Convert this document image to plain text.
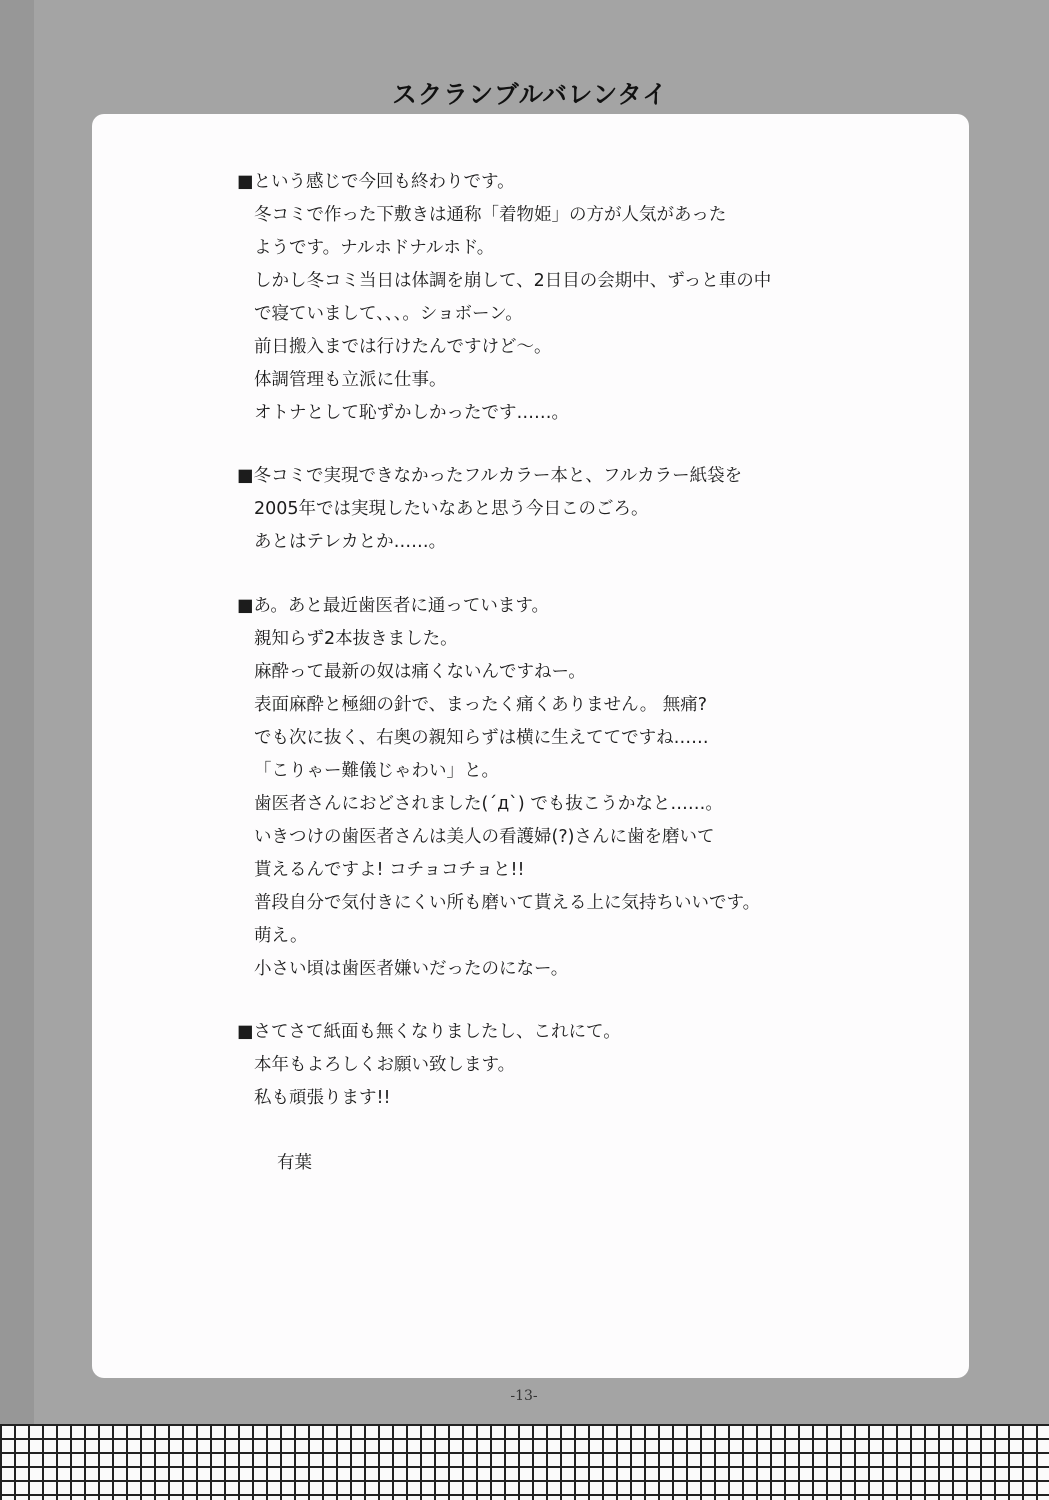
スクランブルバレンタイ
■という感じで今回も終わりです。
冬コミで作った下敷きは通称「着物姫」の方が人気があった
ようです。ナルホドナルホド。
しかし冬コミ当日は体調を崩して、2日目の会期中、ずっと車の中
で寝ていまして、、、。ショボーン。
前日搬入までは行けたんですけど～。
体調管理も立派に仕事。
オトナとして恥ずかしかったです……。
■冬コミで実現できなかったフルカラー本と、フルカラー紙袋を
2005年では実現したいなあと思う今日このごろ。
あとはテレカとか……。
■あ。あと最近歯医者に通っています。
親知らず2本抜きました。
麻酔って最新の奴は痛くないんですねー。
表面麻酔と極細の針で、まったく痛くありません。 無痛?
でも次に抜く、右奥の親知らずは横に生えててですね……
「こりゃー難儀じゃわい」と。
歯医者さんにおどされました(´д`) でも抜こうかなと……。
いきつけの歯医者さんは美人の看護婦(?)さんに歯を磨いて
貰えるんですよ! コチョコチョと!!
普段自分で気付きにくい所も磨いて貰える上に気持ちいいです。
萌え。
小さい頃は歯医者嫌いだったのになー。
■さてさて紙面も無くなりましたし、これにて。
本年もよろしくお願い致します。
私も頑張ります!!
有葉
-13-
